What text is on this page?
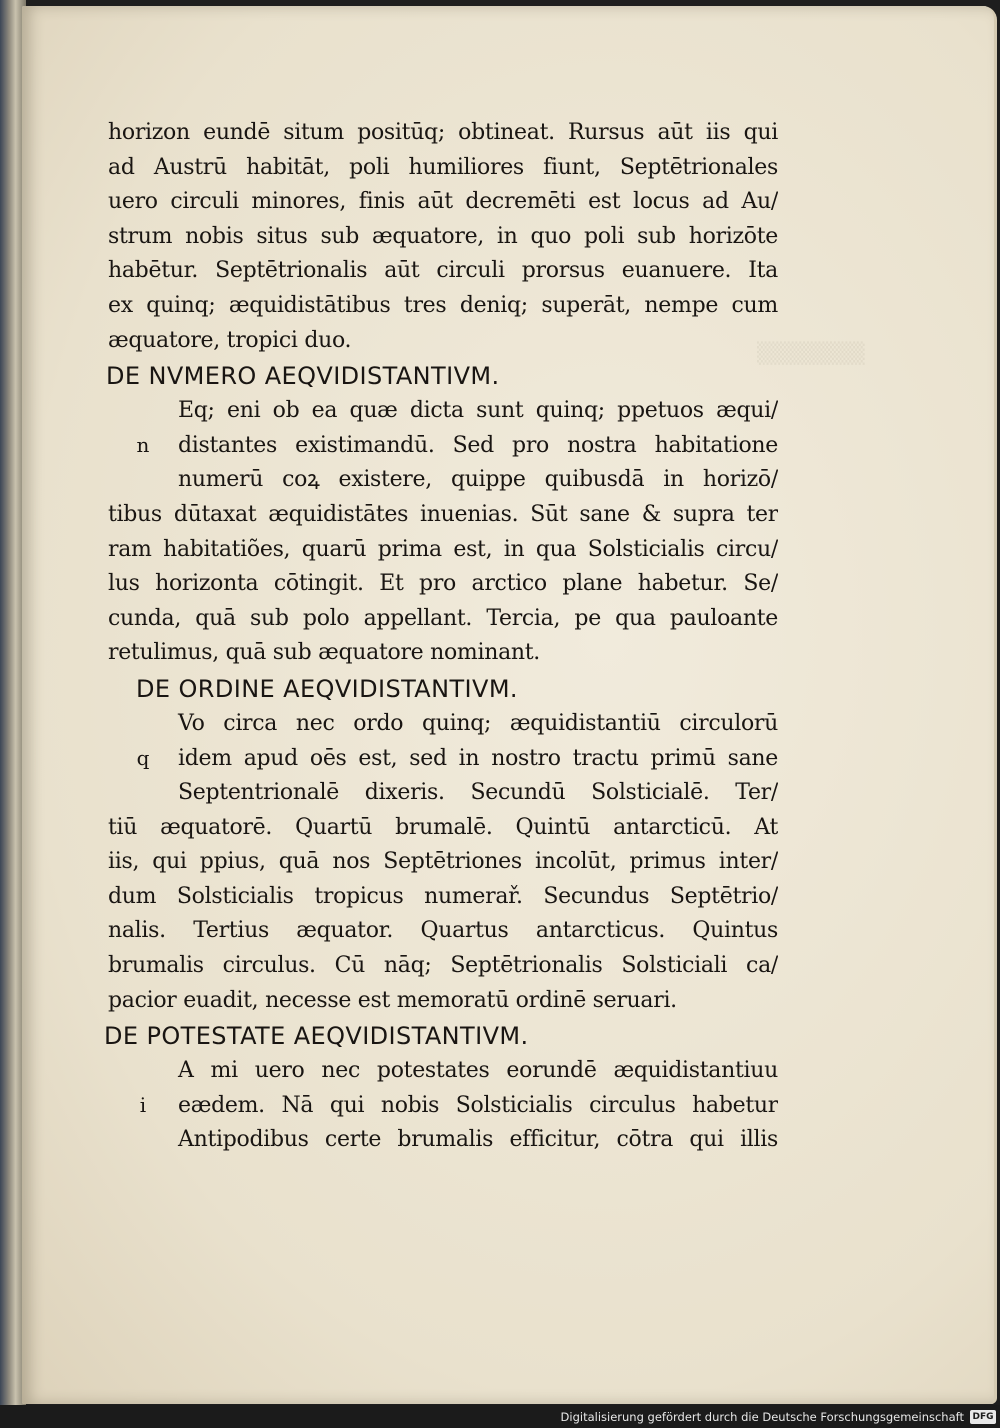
▒▒▒▒▒▒▒
horizon eundē situm positūq; obtineat. Rursus aūt iis qui
ad Austrū habitāt, poli humiliores fiunt, Septētrionales
uero circuli minores, finis aūt decremēti est locus ad Au/
strum nobis situs sub æquatore, in quo poli sub horizōte
habētur. Septētrionalis aūt circuli prorsus euanuere. Ita
ex quinq; æquidistātibus tres deniq; superāt, nempe cum
æquatore, tropici duo.
DE NVMERO AEQVIDISTANTIVM.
n
Eq; eni ob ea quæ dicta sunt quinq; ppetuos æqui/
distantes existimandū. Sed pro nostra habitatione
numerū coꝝ existere, quippe quibusdā in horizō/
tibus dūtaxat æquidistātes inuenias. Sūt sane & supra ter
ram habitatiões, quarū prima est, in qua Solsticialis circu/
lus horizonta cōtingit. Et pro arctico plane habetur. Se/
cunda, quā sub polo appellant. Tercia, pe qua pauloante
retulimus, quā sub æquatore nominant.
DE ORDINE AEQVIDISTANTIVM.
q
Vo circa nec ordo quinq; æquidistantiū circulorū
idem apud oēs est, sed in nostro tractu primū sane
Septentrionalē dixeris. Secundū Solsticialē. Ter/
tiū æquatorē. Quartū brumalē. Quintū antarcticū. At
iis, qui ppius, quā nos Septētriones incolūt, primus inter/
dum Solsticialis tropicus numerař. Secundus Septētrio/
nalis. Tertius æquator. Quartus antarcticus. Quintus
brumalis circulus. Cū nāq; Septētrionalis Solsticiali ca/
pacior euadit, necesse est memoratū ordinē seruari.
DE POTESTATE AEQVIDISTANTIVM.
i
A mi uero nec potestates eorundē æquidistantiuu
eædem. Nā qui nobis Solsticialis circulus habetur
Antipodibus certe brumalis efficitur, cōtra qui illis
Digitalisierung gefördert durch die Deutsche Forschungsgemeinschaft DFG
